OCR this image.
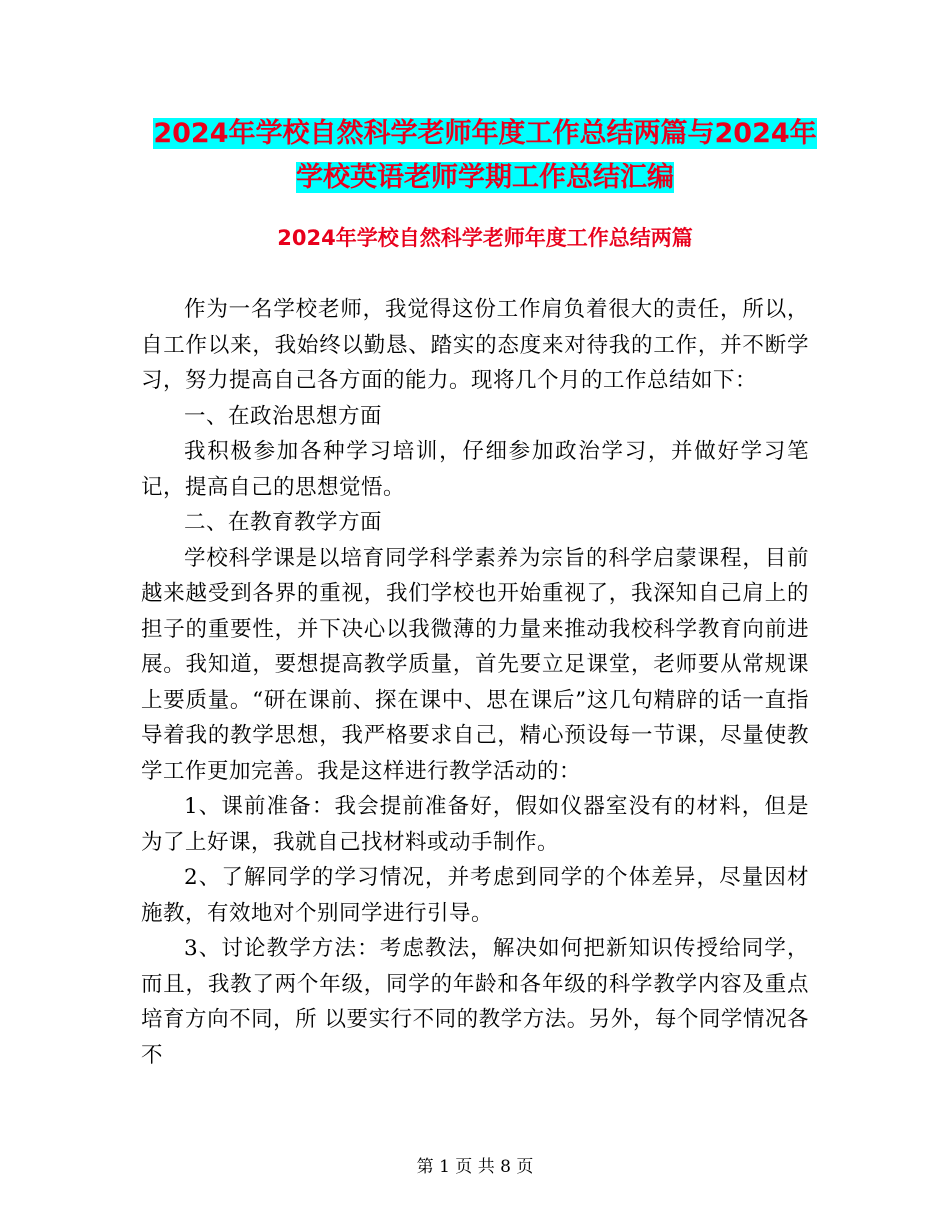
2024年学校自然科学老师年度工作总结两篇与2024年学校英语老师学期工作总结汇编
2024年学校自然科学老师年度工作总结两篇

作为一名学校老师，我觉得这份工作肩负着很大的责任，所以，自工作以来，我始终以勤恳、踏实的态度来对待我的工作，并不断学习，努力提高自己各方面的能力。现将几个月的工作总结如下：

一、在政治思想方面

我积极参加各种学习培训，仔细参加政治学习，并做好学习笔记，提高自己的思想觉悟。

二、在教育教学方面

学校科学课是以培育同学科学素养为宗旨的科学启蒙课程，目前越来越受到各界的重视，我们学校也开始重视了，我深知自己肩上的担子的重要性，并下决心以我微薄的力量来推动我校科学教育向前进展。我知道，要想提高教学质量，首先要立足课堂，老师要从常规课上要质量。“研在课前、探在课中、思在课后”这几句精辟的话一直指导着我的教学思想，我严格要求自己，精心预设每一节课，尽量使教学工作更加完善。我是这样进行教学活动的：

1、课前准备：我会提前准备好，假如仪器室没有的材料，但是为了上好课，我就自己找材料或动手制作。

2、了解同学的学习情况，并考虑到同学的个体差异，尽量因材施教，有效地对个别同学进行引导。

3、讨论教学方法：考虑教法，解决如何把新知识传授给同学，而且，我教了两个年级，同学的年龄和各年级的科学教学内容及重点培育方向不同，所 以要实行不同的教学方法。另外，每个同学情况各不

第 1 页 共 8 页
